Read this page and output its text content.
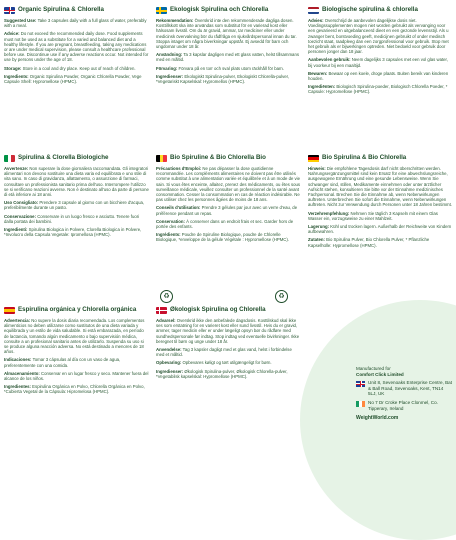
Organic Spirulina & Chlorella

Suggested Use: Take 3 capsules daily with a full glass of water, preferably with a meal.

Advice: Do not exceed the recommended daily dose. Food supplements must not be used as a substitute for a varied and balanced diet and a healthy lifestyle. If you are pregnant, breastfeeding, taking any medications or are under medical supervision, please consult a healthcare professional before use. Discontinue use if any adverse reactions occur. Not intended for use by persons under the age of 18.

Storage: Store in a cool and dry place. Keep out of reach of children.

Ingredients: Organic Spirulina Powder, Organic Chlorella Powder, Vege Capsule Shell: Hypromellose (HPMC).

Ekologisk Spirulina och Chlorella

Rekommendation: Överskrid inte den rekommenderade dagliga dosen. Kosttillskott ska inte användas som substitut för en varierad kost eller hälsosam livsstil. Om du är gravid, ammar, tar mediciner eller under medicinsk övervakning bör du rådfråga en sjukvårdspersonal innan du tar. Stoppa intaget om några biverkningar uppstår. Ej avsedd för barn och ungdomar under 18 år.

Användning: Ta 3 kapslar dagligen med ett glass vatten, helst tillsammans med en måltid.

Förvaring: Förvara på en torr och sval plats utom räckhåll för barn.

Ingredienser: Ekologiskt Spirulina-pulver, Ekologiskt Chlorella-pulver, *Vegetariskt Kapselskal: Hypromellos (HPMC).

Biologische spirulina & chlorella

Advies: Overschrijd de aanbevolen dagelijkse dosis niet. Voedingssupplementen mogen niet worden gebruikt als vervanging voor een gevarieerd en uitgebalanceerd dieet en een gezonde levensstijl. Als u zwanger bent, borstvoeding geeft, medicijnen gebruikt of onder medisch toezicht staat, raadpleeg dan een zorgprofessional voor gebruik. Stop met het gebruik als er bijwerkingen optreden. Niet bedoeld voor gebruik door personen jonger dan 18 jaar.

Aanbevolen gebruik: Neem dagelijks 3 capsules met een vol glas water, bij voorkeur bij een maaltijd.

Bewaren: Bewaar op een koele, droge plaats. Buiten bereik van kinderen houden.

Ingrediënten: Biologisch Spirulina-poeder, Biologisch Chlorella Poeder, * Capsule: Hypromellose (HPMC).

Spirulina & Clorella Biologiche

Avvertenze: Non superare la dose giornaliera raccomandata. Gli integratori alimentari non devono sostituire una dieta varia ed equilibrata e uno stile di vita sano. In caso di gravidanza, allattamento, o assunzione di farmaci, consultare un professionista sanitario prima dell'uso. Interrompere l'utilizzo se si verificano reazioni avverse. Non è destinato all'uso da parte di persone di età inferiore ai 18 anni.

Uso Consigliato: Prendere 3 capsule al giorno con un bicchiere d'acqua, preferibilmente durante un pasto.

Conservazione: Conservare in un luogo fresco e asciutto. Tenere fuori dalla portata dei bambini.

Ingredienti: Spirulina Biologica in Polvere, Clorella Biologica in Polvere, *Involucro della Capsula Vegetale: Ipromellosa (HPMC).

Bio Spiruline & Bio Chlorella Bio

Précautions d'Emploi: Ne pas dépasser la dose quotidienne recommandée. Les compléments alimentaires ne doivent pas être utilisés comme substitut à une alimentation variée et équilibrée et à un mode de vie sain. Si vous êtes enceinte, allaitez, prenez des médicaments, ou êtes sous surveillance médicale, veuillez consulter un professionnel de la santé avant consommation. Cesser la consommation en cas de réaction indésirable. Ne pas utiliser chez les personnes âgées de moins de 18 ans.

Conseils d'utilisation: Prendre 3 gélules par jour avec un verre d'eau, de préférence pendant un repas.

Conservation: À conserver dans un endroit frais et sec. Garder hors de portée des enfants.

Ingrédients: Poudre de Spiruline Biologique, poudre de Chlorelle Biologique, *enveloppe de la gélule Végétale : Hypromellose (HPMC).

Bio Spirulina & Bio Chlorella

Hinweis: Die empfohlene Tagesdosis darf nicht überschritten werden. Nahrungsergänzungsmittel sind kein Ersatz für eine abwechslungsreiche, ausgewogene Ernährung und eine gesunde Lebensweise. Wenn Sie schwanger sind, stillen, Medikamente einnehmen oder unter ärztlicher Aufsicht stehen, konsultieren Sie bitte vor der Einnahme medizinisches Fachpersonal. Brechen Sie die Einnahme ab, wenn Nebenwirkungen auftreten. Unterbrechen Sie sofort die Einnahme, wenn Nebenwirkungen auftreten. Nicht zur Verwendung durch Personen unter 18 Jahren bestimmt.

Verzehrempfehlung: Nehmen Sie täglich 3 Kapseln mit einem Glas Wasser ein, vorzugsweise zu einer Mahlzeit.

Lagerung: Kühl und trocken lagern. Außerhalb der Reichweite von Kindern aufbewahren.

Zutaten: Bio Spirulina Pulver, Bio Chlorella Pulver, * Pflanzliche Kapselhülle: Hypromellose (HPMC).

Espirulina orgánica y Chlorella orgánica

Advertencia: No supere la dosis diaria recomendada. Los complementos alimenticios no deben utilizarse como sustitutos de una dieta variada y equilibrada y un estilo de vida saludable. Si está embarazada, en período de lactancia, tomando algún medicamento o bajo supervisión médica, consulte a un profesional sanitario antes de utilizarlo. Suspenda su uso si se produce alguna reacción adversa. No está destinado a menores de 18 años.

Indicaciones: Tomar 3 cápsulas al día con un vaso de agua, preferentemente con una comida.

Almacenamiento: Conservar en un lugar fresco y seco. Mantener fuera del alcance de los niños.

Ingredientes: Espirulina Orgánica en Polvo, Chlorella Orgánica en Polvo, *Cubierta Vegetal de la Cápsula: Hipromelosa (HPMC).

Økologisk Spirulina og Chlorella

Advarsel: Overskrid ikke den anbefalede dagsdosis. Kosttilskud skal ikke ses som erstatning for en varieret kost eller sund livsstil. Hvis du er gravid, ammer, tager medicin eller er under lægeligt opsyn bør du rådføre med sundhedspersonale før indtag. Stop indtag ved eventuelle bivirkninger. Ikke beregnet til børn og unge under 18 år.

Anvendelse: Tag 3 kapsler dagligt med et glas vand, helst i forbindelse med et måltid.

Opbevaring: Opbevares køligt og tørt utilgængeligt for børn.

Ingredienser: Økologisk Spirulina-pulver, Økologisk Chlorella-pulver, *Vegetabilsk kapselskal: Hypromellose (HPMC).

♻	♻
Manufactured for
Comfort Click Limited
Unit 8, Sevenoaks Enterprise Centre, Bat & Ball Road, Sevenoaks, Kent, TN14 5LJ, UK
No 7 Dr Croke Place Clonmel, Co. Tipperary, Ireland
WeightWorld.com
